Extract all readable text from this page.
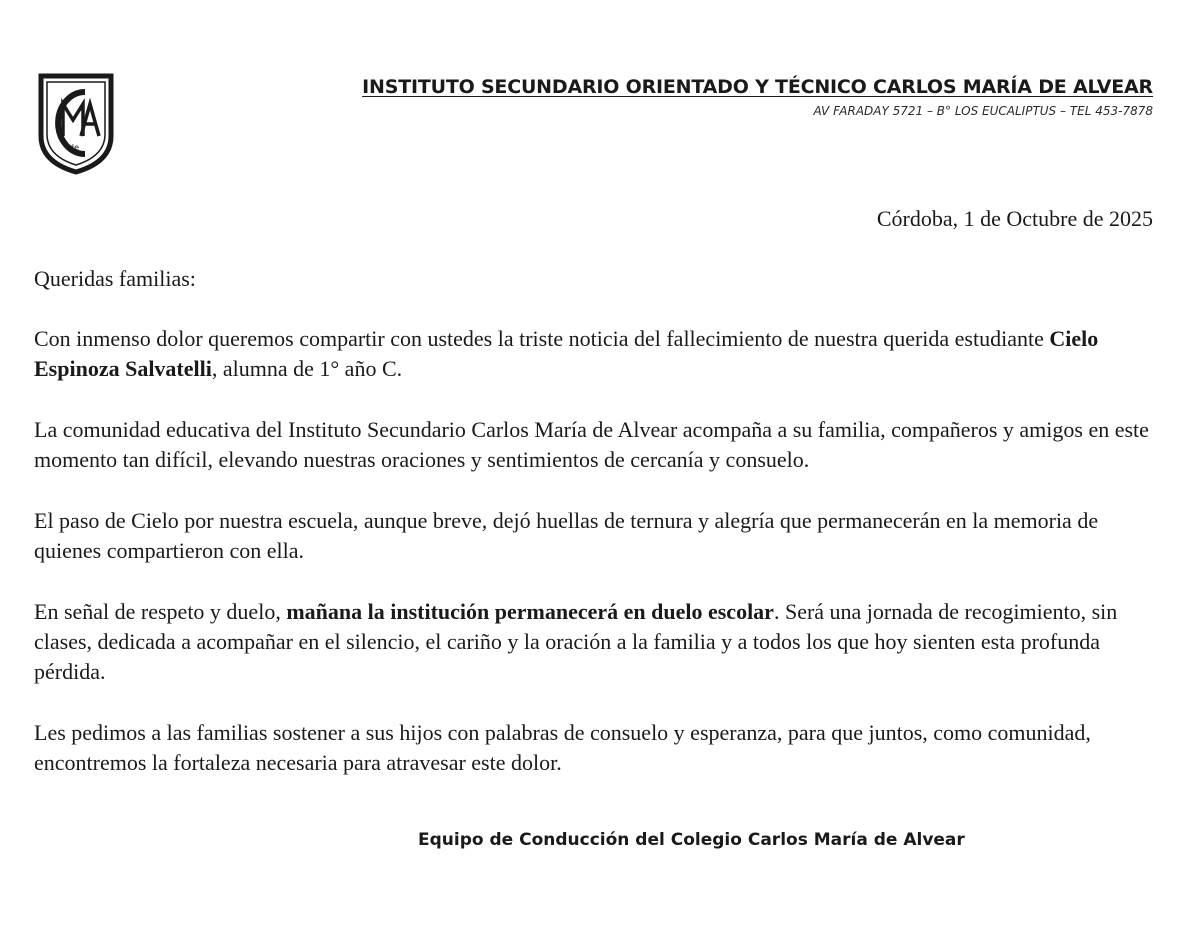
de
INSTITUTO SECUNDARIO ORIENTADO Y TÉCNICO CARLOS MARÍA DE ALVEAR
AV FARADAY 5721 – B° LOS EUCALIPTUS – TEL 453-7878
Córdoba, 1 de Octubre de 2025

Queridas familias:

Con inmenso dolor queremos compartir con ustedes la triste noticia del fallecimiento de nuestra querida estudiante Cielo Espinoza Salvatelli, alumna de 1° año C.

La comunidad educativa del Instituto Secundario Carlos María de Alvear acompaña a su familia, compañeros y amigos en este momento tan difícil, elevando nuestras oraciones y sentimientos de cercanía y consuelo.

El paso de Cielo por nuestra escuela, aunque breve, dejó huellas de ternura y alegría que permanecerán en la memoria de quienes compartieron con ella.

En señal de respeto y duelo, mañana la institución permanecerá en duelo escolar. Será una jornada de recogimiento, sin clases, dedicada a acompañar en el silencio, el cariño y la oración a la familia y a todos los que hoy sienten esta profunda pérdida.

Les pedimos a las familias sostener a sus hijos con palabras de consuelo y esperanza, para que juntos, como comunidad, encontremos la fortaleza necesaria para atravesar este dolor.

Equipo de Conducción del Colegio Carlos María de Alvear
